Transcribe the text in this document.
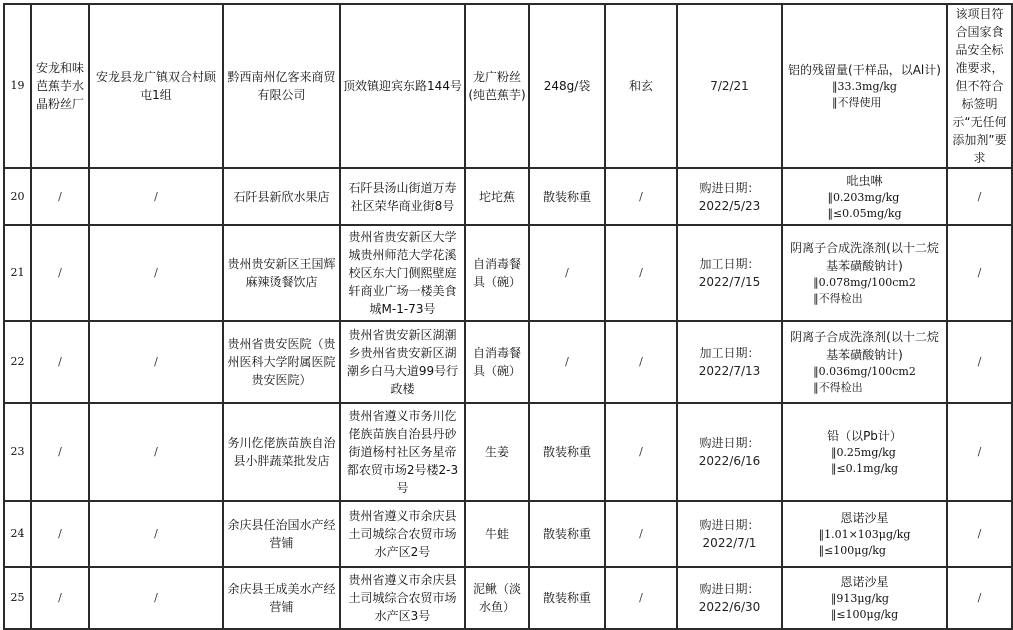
19	安龙和味芭蕉芋水晶粉丝厂	安龙县龙广镇双合村顾屯1组	黔西南州亿客来商贸有限公司	顶效镇迎宾东路144号	龙广粉丝(纯芭蕉芋)	248g/袋	和玄	7/2/21	铝的残留量(干样品，以Al计)
‖33.3mg/kg
‖不得使用	该项目符合国家食品安全标准要求，但不符合标签明示“无任何添加剂”要求
20	/	/	石阡县新欣水果店	石阡县汤山街道万寿社区荣华商业街8号	坨坨蕉	散装称重	/	购进日期：2022/5/23	吡虫啉
‖0.203mg/kg
‖≤0.05mg/kg	/
21	/	/	贵州贵安新区王国辉麻辣烫餐饮店	贵州省贵安新区大学城贵州师范大学花溪校区东大门侧熙壁庭轩商业广场一楼美食城M-1-73号	自消毒餐具（碗）	/	/	加工日期：2022/7/15	阴离子合成洗涤剂(以十二烷基苯磺酸钠计)
‖0.078mg/100cm2
‖不得检出	/
22	/	/	贵州省贵安医院（贵州医科大学附属医院贵安医院）	贵州省贵安新区湖潮乡贵州省贵安新区湖潮乡白马大道99号行政楼	自消毒餐具（碗）	/	/	加工日期：2022/7/13	阴离子合成洗涤剂(以十二烷基苯磺酸钠计)
‖0.036mg/100cm2
‖不得检出	/
23	/	/	务川仡佬族苗族自治县小胖蔬菜批发店	贵州省遵义市务川仡佬族苗族自治县丹砂街道杨村社区务星帝都农贸市场2号楼2-3号	生姜	散装称重	/	购进日期：2022/6/16	铅（以Pb计）
‖0.25mg/kg
‖≤0.1mg/kg	/
24	/	/	余庆县任治国水产经营铺	贵州省遵义市余庆县土司城综合农贸市场水产区2号	牛蛙	散装称重	/	购进日期：2022/7/1	恩诺沙星
‖1.01×103μg/kg
‖≤100μg/kg	/
25	/	/	余庆县王成美水产经营铺	贵州省遵义市余庆县土司城综合农贸市场水产区3号	泥鳅（淡水鱼）	散装称重	/	购进日期：2022/6/30	恩诺沙星
‖913μg/kg
‖≤100μg/kg	/
